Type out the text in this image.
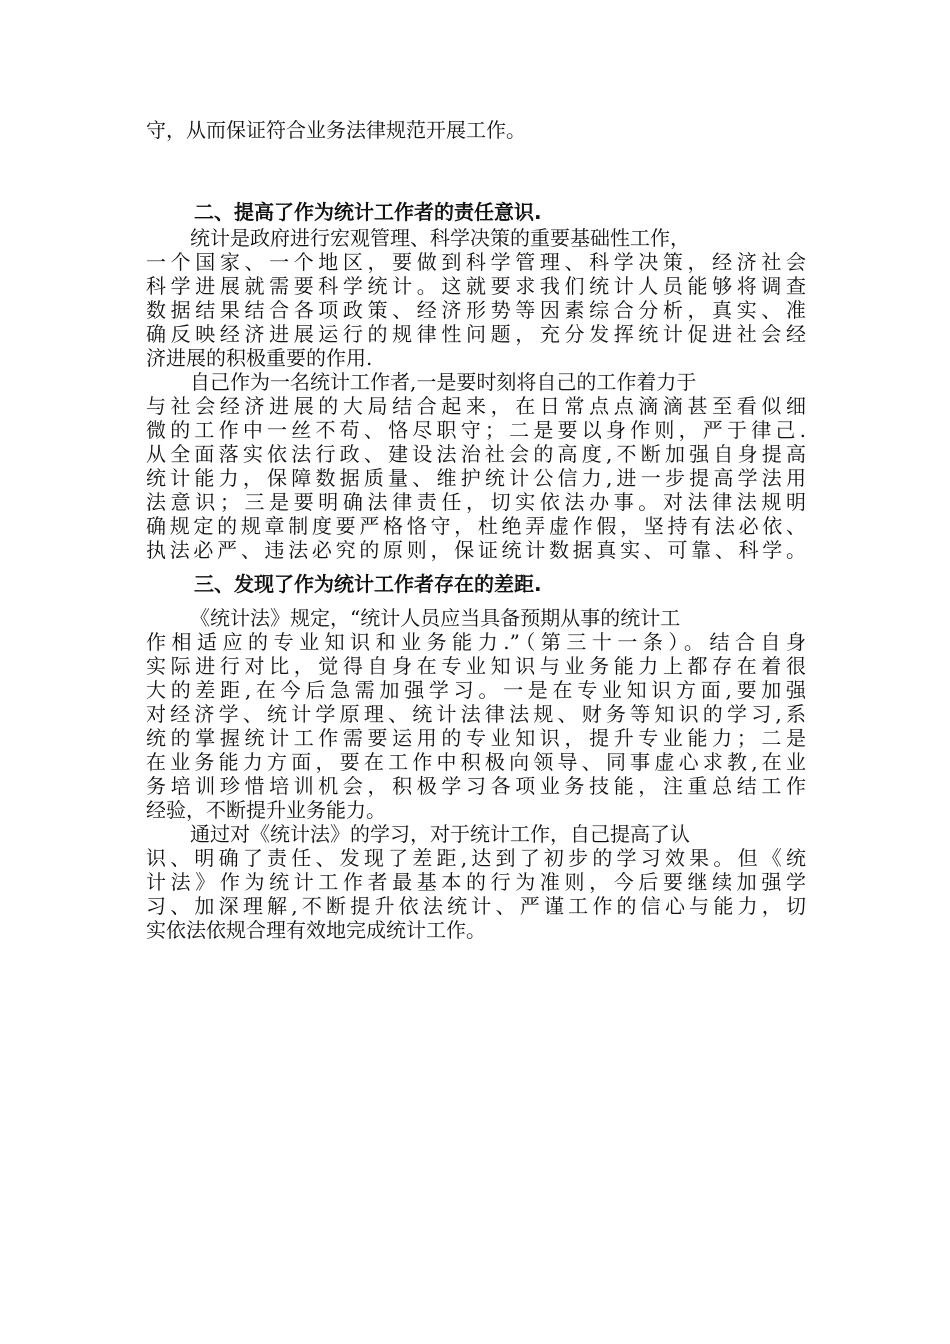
守，从而保证符合业务法律规范开展工作。
二、提高了作为统计工作者的责任意识.
统计是政府进行宏观管理、科学决策的重要基础性工作，
一个国家、一个地区，要做到科学管理、科学决策，经济社会
科学进展就需要科学统计。这就要求我们统计人员能够将调查
数据结果结合各项政策、经济形势等因素综合分析，真实、准
确反映经济进展运行的规律性问题，充分发挥统计促进社会经
济进展的积极重要的作用.
自己作为一名统计工作者,一是要时刻将自己的工作着力于
与社会经济进展的大局结合起来，在日常点点滴滴甚至看似细
微的工作中一丝不苟、恪尽职守；二是要以身作则，严于律己.
从全面落实依法行政、建设法治社会的高度,不断加强自身提高
统计能力，保障数据质量、维护统计公信力,进一步提高学法用
法意识；三是要明确法律责任，切实依法办事。对法律法规明
确规定的规章制度要严格恪守，杜绝弄虚作假，坚持有法必依、
执法必严、违法必究的原则，保证统计数据真实、可靠、科学。
三、发现了作为统计工作者存在的差距.
《统计法》规定，“统计人员应当具备预期从事的统计工
作相适应的专业知识和业务能力.”（第三十一条）。结合自身
实际进行对比，觉得自身在专业知识与业务能力上都存在着很
大的差距,在今后急需加强学习。一是在专业知识方面,要加强
对经济学、统计学原理、统计法律法规、财务等知识的学习,系
统的掌握统计工作需要运用的专业知识，提升专业能力；二是
在业务能力方面，要在工作中积极向领导、同事虚心求教,在业
务培训珍惜培训机会，积极学习各项业务技能，注重总结工作
经验，不断提升业务能力。
通过对《统计法》的学习，对于统计工作，自己提高了认
识、明确了责任、发现了差距,达到了初步的学习效果。但《统
计法》作为统计工作者最基本的行为准则，今后要继续加强学
习、加深理解,不断提升依法统计、严谨工作的信心与能力，切
实依法依规合理有效地完成统计工作。
